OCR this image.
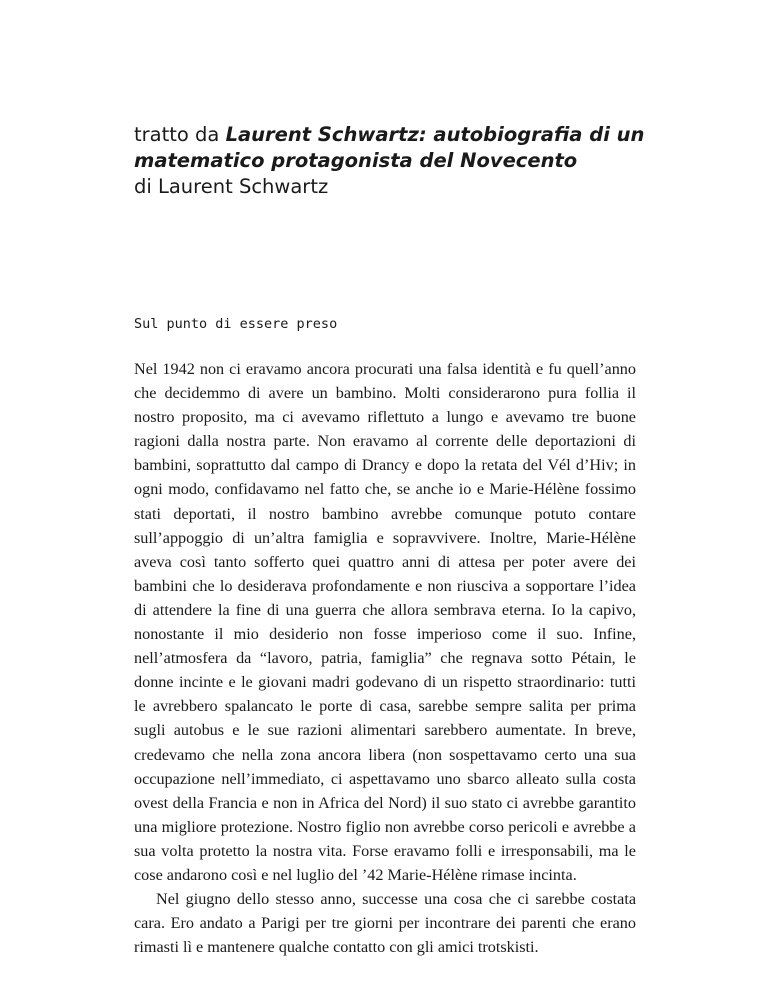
tratto da Laurent Schwartz: autobiografia di un
matematico protagonista del Novecento
di Laurent Schwartz
Sul punto di essere preso

Nel 1942 non ci eravamo ancora procurati una falsa identità e fu quell’anno che decidemmo di avere un bambino. Molti considerarono pura follia il nostro proposito, ma ci avevamo riflettuto a lungo e avevamo tre buone ragioni dalla nostra parte. Non eravamo al corrente delle deportazioni di bambini, soprattutto dal campo di Drancy e dopo la retata del Vél d’Hiv; in ogni modo, confidavamo nel fatto che, se anche io e Marie-Hélène fossimo stati deportati, il nostro bambino avrebbe comunque potuto contare sull’appoggio di un’altra famiglia e sopravvivere. Inoltre, Marie-Hélène aveva così tanto sofferto quei quattro anni di attesa per poter avere dei bambini che lo desiderava profondamente e non riusciva a sopportare l’idea di attendere la fine di una guerra che allora sembrava eterna. Io la capivo, nonostante il mio desiderio non fosse imperioso come il suo. Infine, nell’atmosfera da “lavoro, patria, famiglia” che regnava sotto Pétain, le donne incinte e le giovani madri godevano di un rispetto straordinario: tutti le avrebbero spalancato le porte di casa, sarebbe sempre salita per prima sugli autobus e le sue razioni alimentari sarebbero aumentate. In breve, credevamo che nella zona ancora libera (non sospettavamo certo una sua occupazione nell’immediato, ci aspettavamo uno sbarco alleato sulla costa ovest della Francia e non in Africa del Nord) il suo stato ci avrebbe garantito una migliore protezione. Nostro figlio non avrebbe corso pericoli e avrebbe a sua volta protetto la nostra vita. Forse eravamo folli e irresponsabili, ma le cose andarono così e nel luglio del ’42 Marie-Hélène rimase incinta.

Nel giugno dello stesso anno, successe una cosa che ci sarebbe costata cara. Ero andato a Parigi per tre giorni per incontrare dei parenti che erano rimasti lì e mantenere qualche contatto con gli amici trotskisti.
